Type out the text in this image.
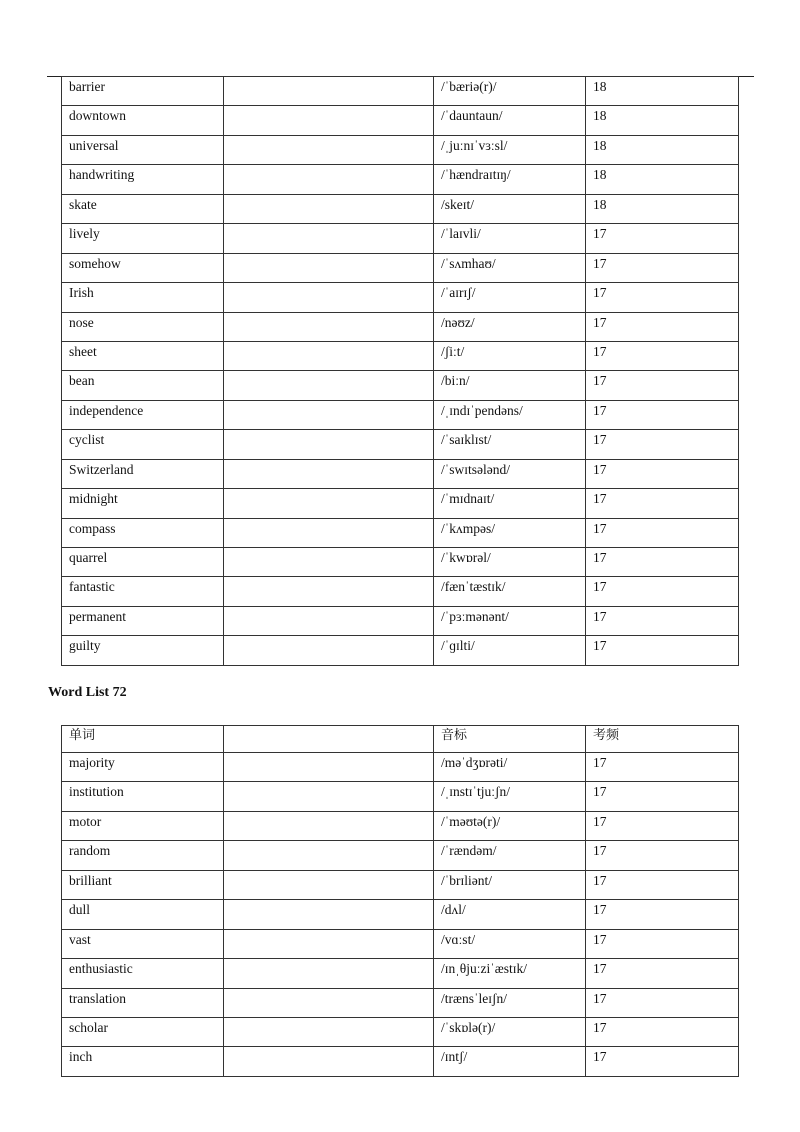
barrier		/ˈbæriə(r)/	18
downtown		/ˈdauntaun/	18
universal		/ˌjuːnɪˈvɜːsl/	18
handwriting		/ˈhændraɪtɪŋ/	18
skate		/skeɪt/	18
lively		/ˈlaɪvli/	17
somehow		/ˈsʌmhaʊ/	17
Irish		/ˈaɪrɪʃ/	17
nose		/nəʊz/	17
sheet		/ʃiːt/	17
bean		/biːn/	17
independence		/ˌɪndɪˈpendəns/	17
cyclist		/ˈsaɪklɪst/	17
Switzerland		/ˈswɪtsələnd/	17
midnight		/ˈmɪdnaɪt/	17
compass		/ˈkʌmpəs/	17
quarrel		/ˈkwɒrəl/	17
fantastic		/fænˈtæstɪk/	17
permanent		/ˈpɜːmənənt/	17
guilty		/ˈɡɪlti/	17
Word List 72
单词		音标	考频
majority		/məˈdʒɒrəti/	17
institution		/ˌɪnstɪˈtjuːʃn/	17
motor		/ˈməʊtə(r)/	17
random		/ˈrændəm/	17
brilliant		/ˈbrɪliənt/	17
dull		/dʌl/	17
vast		/vɑːst/	17
enthusiastic		/ɪnˌθjuːziˈæstɪk/	17
translation		/trænsˈleɪʃn/	17
scholar		/ˈskɒlə(r)/	17
inch		/ɪntʃ/	17
